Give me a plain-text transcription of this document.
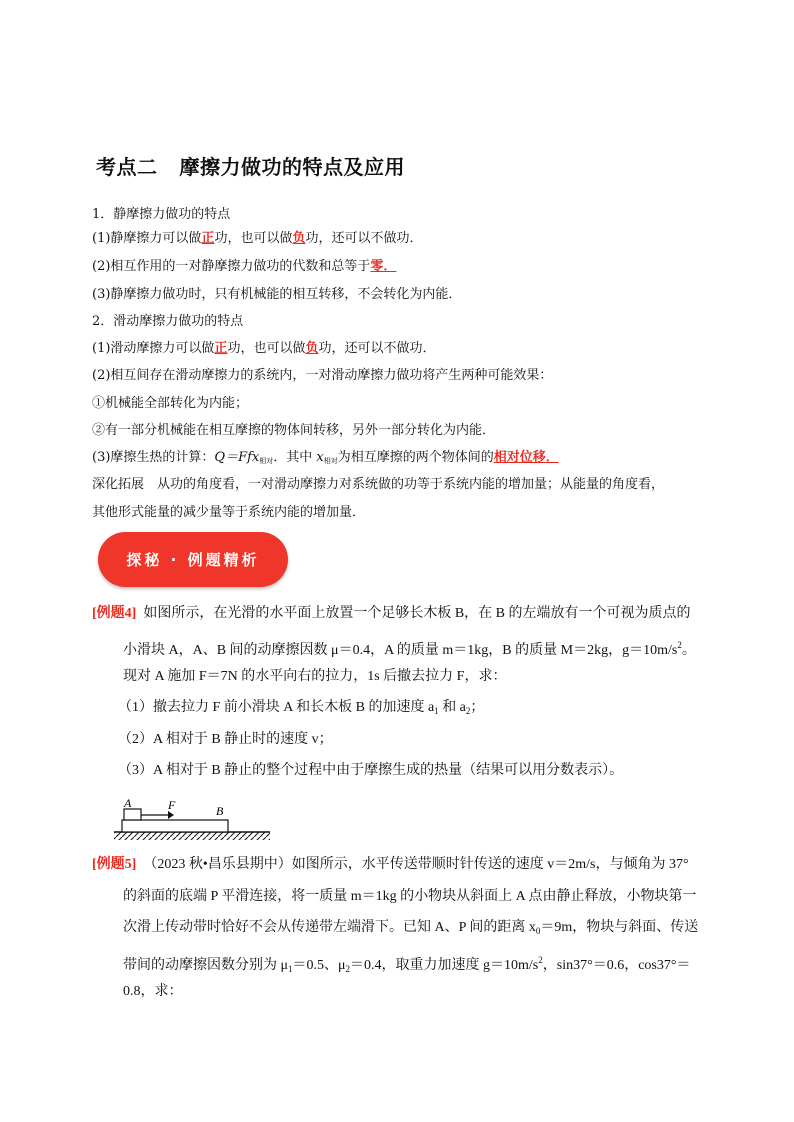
考点二 摩擦力做功的特点及应用
1．静摩擦力做功的特点
(1)静摩擦力可以做正功，也可以做负功，还可以不做功．
(2)相互作用的一对静摩擦力做功的代数和总等于零．
(3)静摩擦力做功时，只有机械能的相互转移，不会转化为内能．
2．滑动摩擦力做功的特点
(1)滑动摩擦力可以做正功，也可以做负功，还可以不做功．
(2)相互间存在滑动摩擦力的系统内，一对滑动摩擦力做功将产生两种可能效果：
①机械能全部转化为内能；
②有一部分机械能在相互摩擦的物体间转移，另外一部分转化为内能．
(3)摩擦生热的计算：Q＝Ffx$_{相对}$．其中 $x_{相对}$为相互摩擦的两个物体间的相对位移．
深化拓展　从功的角度看，一对滑动摩擦力对系统做的功等于系统内能的增加量；从能量的角度看，
其他形式能量的减少量等于系统内能的增加量．
探秘 · 例题精析
[例题4] 如图所示，在光滑的水平面上放置一个足够长木板 B，在 B 的左端放有一个可视为质点的
小滑块 A，A、B 间的动摩擦因数 μ＝0.4，A 的质量 m＝1kg，B 的质量 M＝2kg，$g=10m/s^2$。
现对 A 施加 F＝7N 的水平向右的拉力，1s 后撤去拉力 F，求：
（1）撤去拉力 F 前小滑块 A 和长木板 B 的加速度 $a_1$ 和 $a_2$；
（2）A 相对于 B 静止时的速度 v；
（3）A 相对于 B 静止的整个过程中由于摩擦生成的热量（结果可以用分数表示）。
A	F	B
[例题5] （2023 秋•昌乐县期中）如图所示，水平传送带顺时针传送的速度 v＝2m/s，与倾角为 37°
的斜面的底端 P 平滑连接，将一质量 m＝1kg 的小物块从斜面上 A 点由静止释放，小物块第一
次滑上传动带时恰好不会从传递带左端滑下。已知 A、P 间的距离 $x_0=9m$，物块与斜面、传送
带间的动摩擦因数分别为 $\mu_1=0.5$、$\mu_2=0.4$，取重力加速度 $g=10m/s^2$，sin37°＝0.6，cos37°＝
0.8，求：
